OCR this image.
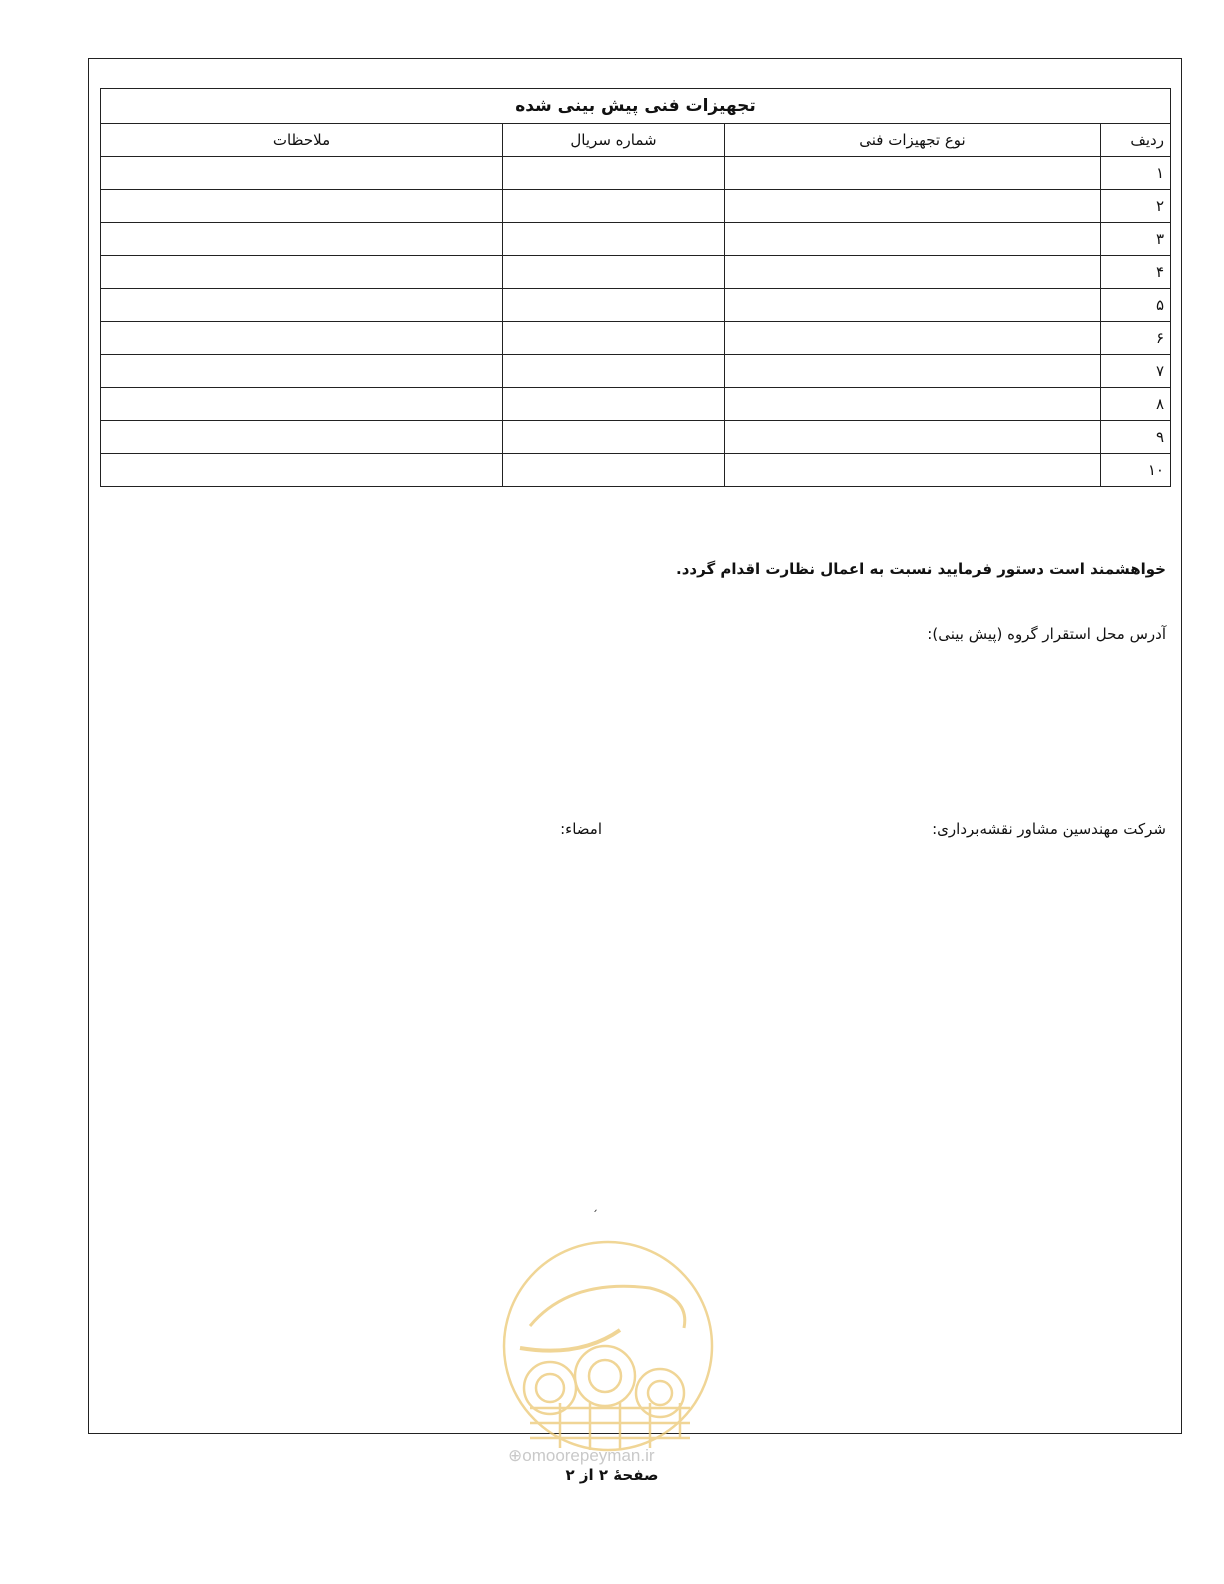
تجهیزات فنی پیش بینی شده			
ردیف	نوع تجهیزات فنی	شماره سریال	ملاحظات
۱			
۲			
۳			
۴			
۵			
۶			
۷			
۸			
۹			
۱۰			
خواهشمند است دستور فرمایید نسبت به اعمال نظارت اقدام گردد.
آدرس محل استقرار گروه (پیش بینی):
شرکت مهندسین مشاور نقشه‌برداری:
امضاء:
ˏ
⊕omoorepeyman.ir
صفحهٔ ۲ از ۲
